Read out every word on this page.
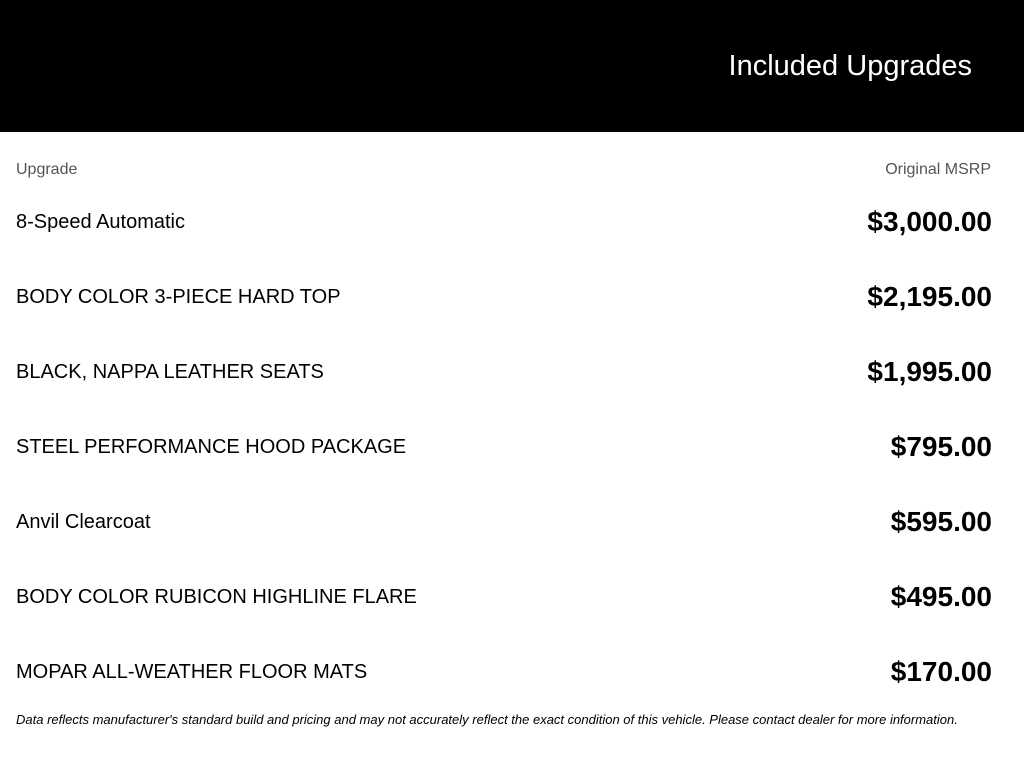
Included Upgrades
Upgrade	Original MSRP
8-Speed Automatic	$3,000.00
BODY COLOR 3-PIECE HARD TOP	$2,195.00
BLACK, NAPPA LEATHER SEATS	$1,995.00
STEEL PERFORMANCE HOOD PACKAGE	$795.00
Anvil Clearcoat	$595.00
BODY COLOR RUBICON HIGHLINE FLARE	$495.00
MOPAR ALL-WEATHER FLOOR MATS	$170.00
Data reflects manufacturer's standard build and pricing and may not accurately reflect the exact condition of this vehicle. Please contact dealer for more information.
